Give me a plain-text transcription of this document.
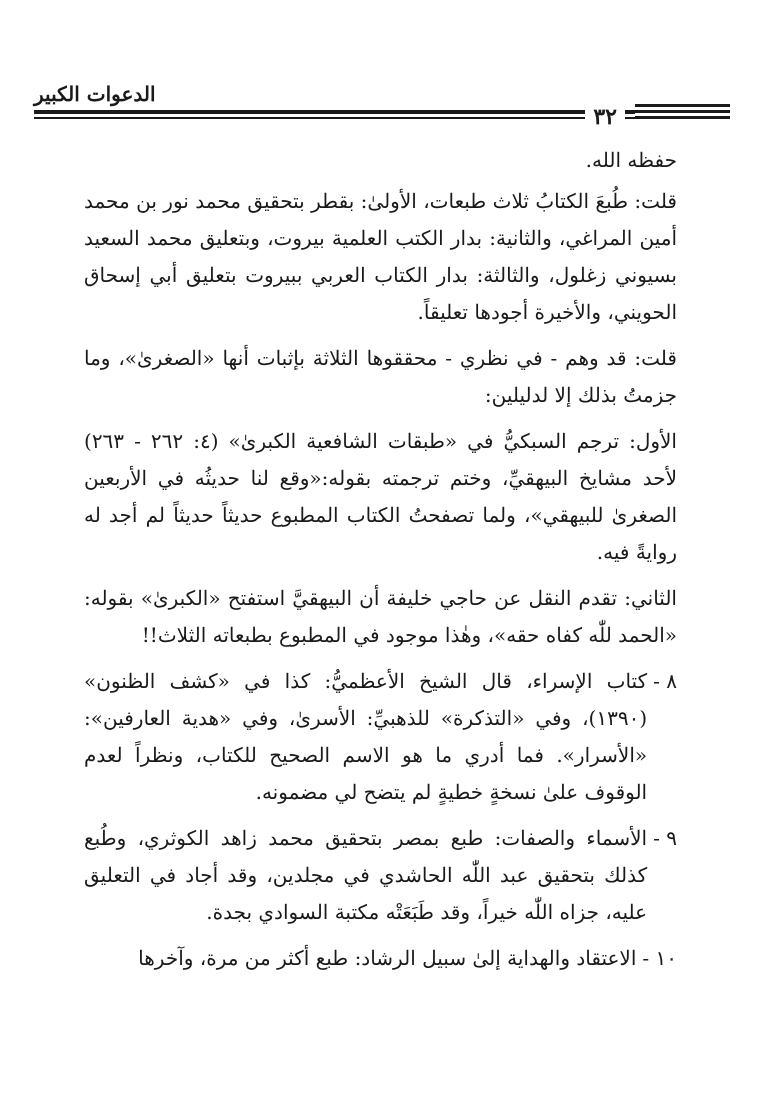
الدعوات الكبير
٣٢

حفظه الله.

قلت: طُبعَ الكتابُ ثلاث طبعات، الأولىٰ: بقطر بتحقيق محمد نور بن محمد أمين المراغي، والثانية: بدار الكتب العلمية بيروت، وبتعليق محمد السعيد بسيوني زغلول، والثالثة: بدار الكتاب العربي ببيروت بتعليق أبي إسحاق الحويني، والأخيرة أجودها تعليقاً.

قلت: قد وهم - في نظري - محققوها الثلاثة بإثبات أنها «الصغرىٰ»، وما جزمتُ بذلك إلا لدليلين:

الأول: ترجم السبكيُّ في «طبقات الشافعية الكبرىٰ» (٤: ٢٦٢ - ٢٦٣) لأحد مشايخ البيهقيِّ، وختم ترجمته بقوله:«وقع لنا حديثُه في الأربعين الصغرىٰ للبيهقي»، ولما تصفحتُ الكتاب المطبوع حديثاً حديثاً لم أجد له روايةً فيه.

الثاني: تقدم النقل عن حاجي خليفة أن البيهقيَّ استفتح «الكبرىٰ» بقوله: «الحمد للّٰه كفاه حقه»، وهٰذا موجود في المطبوع بطبعاته الثلاث!!

٨ -
كتاب الإسراء، قال الشيخ الأعظميُّ: كذا في «كشف الظنون» (١٣٩٠)، وفي «التذكرة» للذهبيِّ: الأسرىٰ، وفي «هدية العارفين»: «الأسرار». فما أدري ما هو الاسم الصحيح للكتاب، ونظراً لعدم الوقوف علىٰ نسخةٍ خطيةٍ لم يتضح لي مضمونه.
٩ -
الأسماء والصفات: طبع بمصر بتحقيق محمد زاهد الكوثري، وطُبع كذلك بتحقيق عبد اللّٰه الحاشدي في مجلدين، وقد أجاد في التعليق عليه، جزاه اللّٰه خيراً، وقد طَبَعَتْه مكتبة السوادي بجدة.
١٠ -
الاعتقاد والهداية إلىٰ سبيل الرشاد: طبع أكثر من مرة، وآخرها
